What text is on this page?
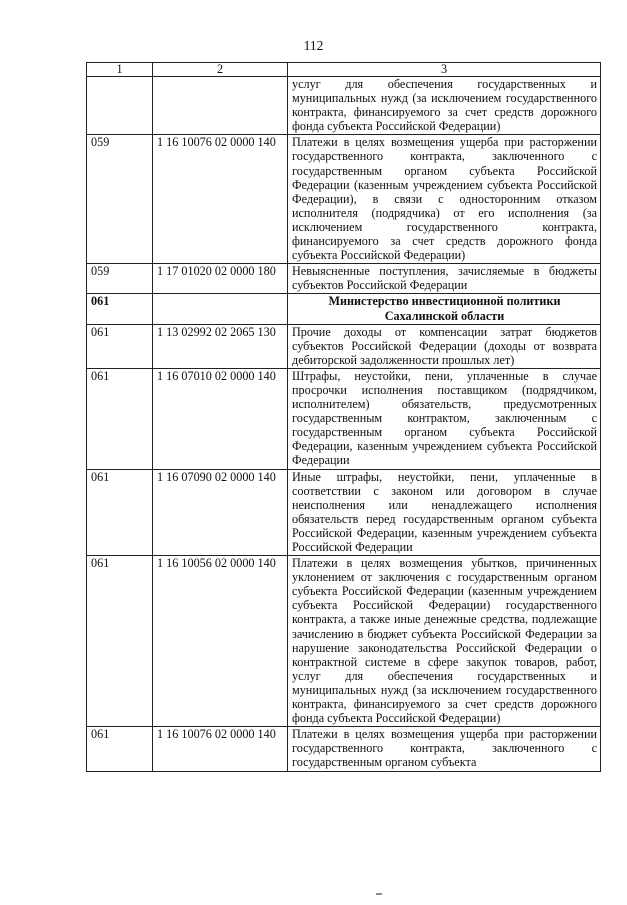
112
1	2	3
		услуг для обеспечения государственных и муниципальных нужд (за исключением государственного контракта, финансируемого за счет средств дорожного фонда субъекта Российской Федерации)
059	1 16 10076 02 0000 140	Платежи в целях возмещения ущерба при расторжении государственного контракта, заключенного с государственным органом субъекта Российской Федерации (казенным учреждением субъекта Российской Федерации), в связи с односторонним отказом исполнителя (подрядчика) от его исполнения (за исключением государственного контракта, финансируемого за счет средств дорожного фонда субъекта Российской Федерации)
059	1 17 01020 02 0000 180	Невыясненные поступления, зачисляемые в бюджеты субъектов Российской Федерации
061		Министерство инвестиционной политики Сахалинской области
061	1 13 02992 02 2065 130	Прочие доходы от компенсации затрат бюджетов субъектов Российской Федерации (доходы от возврата дебиторской задолженности прошлых лет)
061	1 16 07010 02 0000 140	Штрафы, неустойки, пени, уплаченные в случае просрочки исполнения поставщиком (подрядчиком, исполнителем) обязательств, предусмотренных государственным контрактом, заключенным с государственным органом субъекта Российской Федерации, казенным учреждением субъекта Российской Федерации
061	1 16 07090 02 0000 140	Иные штрафы, неустойки, пени, уплаченные в соответствии с законом или договором в случае неисполнения или ненадлежащего исполнения обязательств перед государственным органом субъекта Российской Федерации, казенным учреждением субъекта Российской Федерации
061	1 16 10056 02 0000 140	Платежи в целях возмещения убытков, причиненных уклонением от заключения с государственным органом субъекта Российской Федерации (казенным учреждением субъекта Российской Федерации) государственного контракта, а также иные денежные средства, подлежащие зачислению в бюджет субъекта Российской Федерации за нарушение законодательства Российской Федерации о контрактной системе в сфере закупок товаров, работ, услуг для обеспечения государственных и муниципальных нужд (за исключением государственного контракта, финансируемого за счет средств дорожного фонда субъекта Российской Федерации)
061	1 16 10076 02 0000 140	Платежи в целях возмещения ущерба при расторжении государственного контракта, заключенного с государственным органом субъекта
